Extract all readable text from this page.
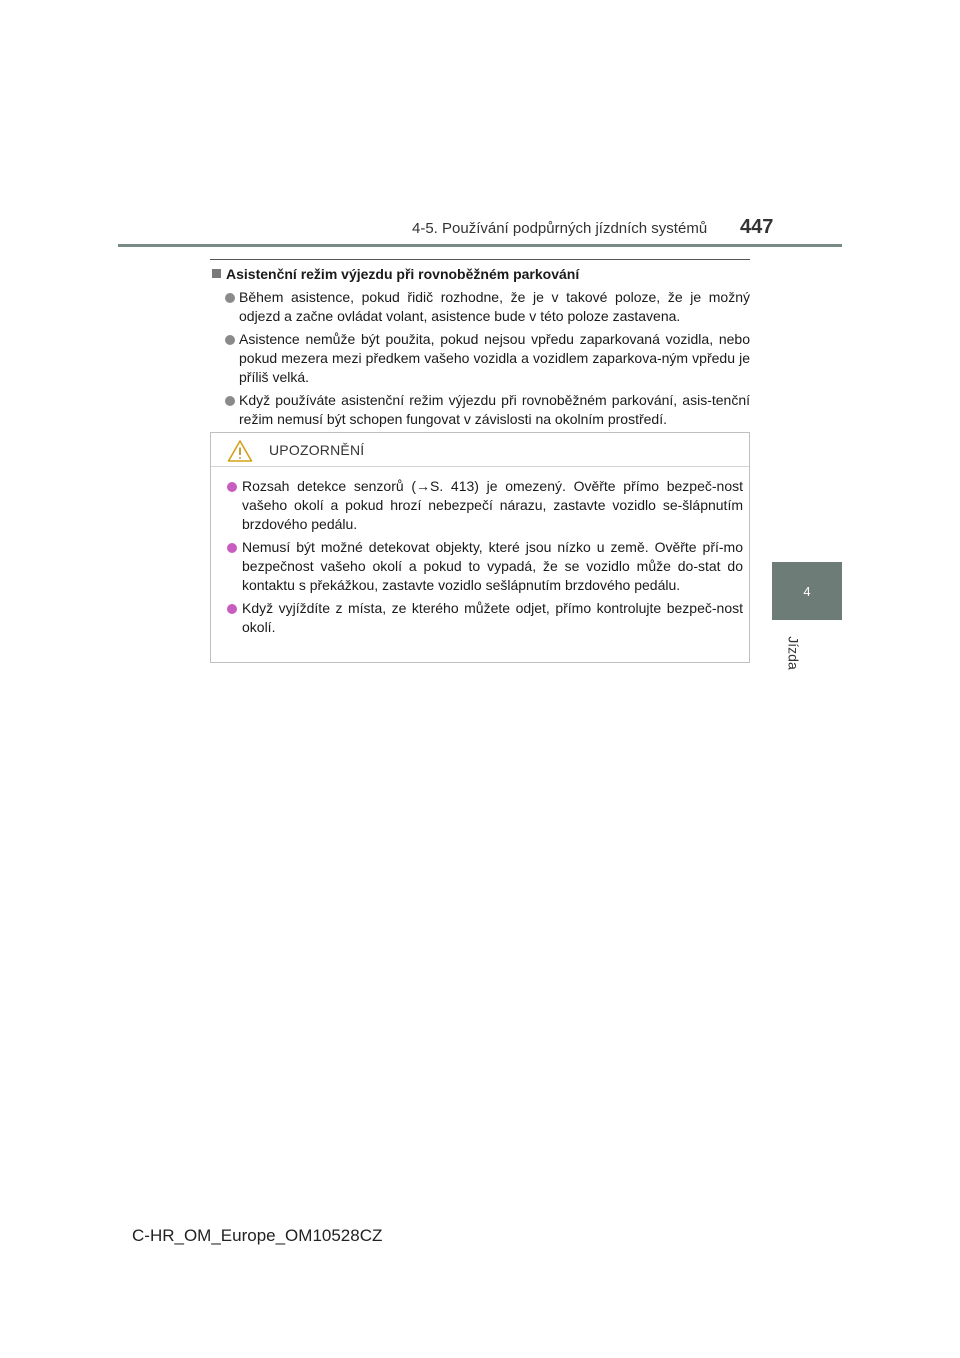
4-5. Používání podpůrných jízdních systémů 447
4
Jízda
Asistenční režim výjezdu při rovnoběžném parkování
Během asistence, pokud řidič rozhodne, že je v takové poloze, že je možný odjezd a začne ovládat volant, asistence bude v této poloze zastavena.
Asistence nemůže být použita, pokud nejsou vpředu zaparkovaná vozidla, nebo pokud mezera mezi předkem vašeho vozidla a vozidlem zaparkova-ným vpředu je příliš velká.
Když používáte asistenční režim výjezdu při rovnoběžném parkování, asis-tenční režim nemusí být schopen fungovat v závislosti na okolním prostředí.
UPOZORNĚNÍ
Rozsah detekce senzorů (→S. 413) je omezený. Ověřte přímo bezpeč-nost vašeho okolí a pokud hrozí nebezpečí nárazu, zastavte vozidlo se-šlápnutím brzdového pedálu.
Nemusí být možné detekovat objekty, které jsou nízko u země. Ověřte pří-mo bezpečnost vašeho okolí a pokud to vypadá, že se vozidlo může do-stat do kontaktu s překážkou, zastavte vozidlo sešlápnutím brzdového pedálu.
Když vyjíždíte z místa, ze kterého můžete odjet, přímo kontrolujte bezpeč-nost okolí.
C-HR_OM_Europe_OM10528CZ
